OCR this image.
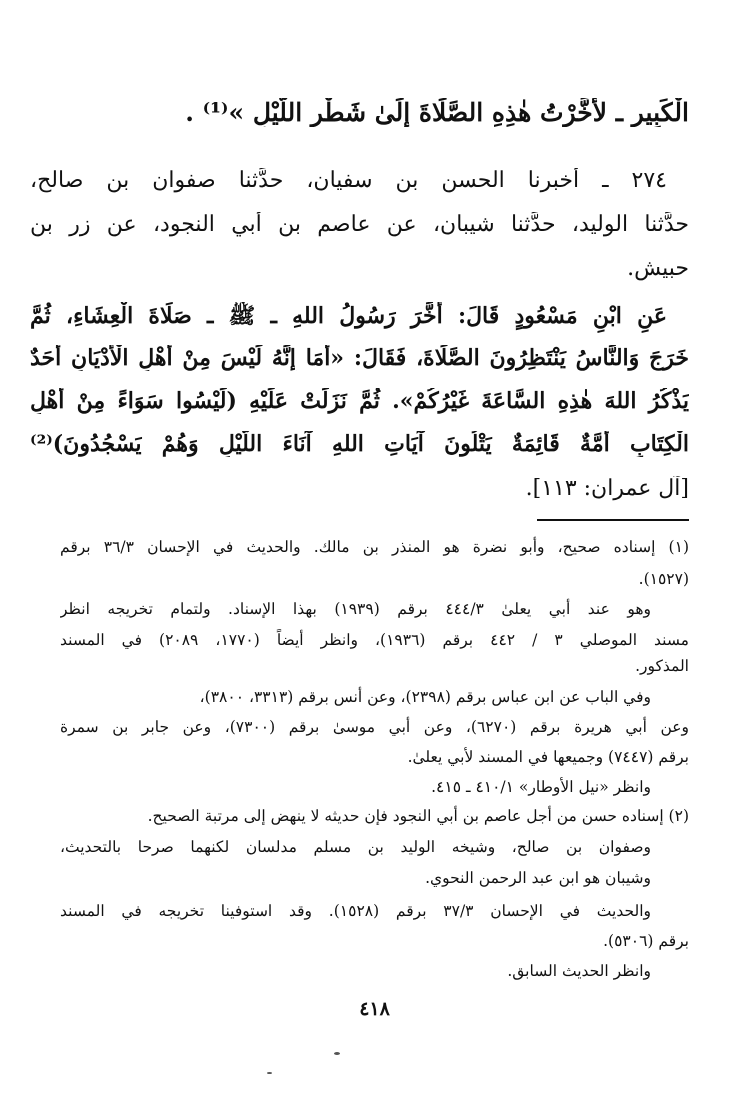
الْكَبِيرِ ـ لأَخَّرْتُ هٰذِهِ الصَّلَاةَ إِلَىٰ شَطْرِ اللَّيْلِ »⁽¹⁾ .
٢٧٤ ـ أخبرنا الحسن بن سفيان، حدَّثنا صفوان بن صالح،
حدَّثنا الوليد، حدَّثنا شيبان، عن عاصم بن أبي النجود، عن زر بن
حبيش.
عَنِ ابْنِ مَسْعُودٍ قَالَ: أَخَّرَ رَسُولُ اللهِ ـ ﷺ ـ صَلَاةَ الْعِشَاءِ، ثُمَّ
خَرَجَ وَالنَّاسُ يَنْتَظِرُونَ الصَّلَاةَ، فَقَالَ: «أَمَا إِنَّهُ لَيْسَ مِنْ أَهْلِ الْأَدْيَانِ أَحَدٌ
يَذْكُرُ اللهَ هٰذِهِ السَّاعَةَ غَيْرُكُمْ». ثُمَّ نَزَلَتْ عَلَيْهِ (لَيْسُوا سَوَاءً مِنْ أَهْلِ
الْكِتَابِ أُمَّةٌ قَائِمَةٌ يَتْلُونَ آيَاتِ اللهِ آنَاءَ اللَّيْلِ وَهُمْ يَسْجُدُونَ)⁽²⁾
[آل عمران: ١١٣].
(١) إسناده صحيح، وأبو نضرة هو المنذر بن مالك. والحديث في الإحسان ٣٦/٣ برقم
(١٥٢٧).
وهو عند أبي يعلىٰ ٤٤٤/٣ برقم (١٩٣٩) بهذا الإسناد. ولتمام تخريجه انظر
مسند الموصلي ٣ / ٤٤٢ برقم (١٩٣٦)، وانظر أيضاً (١٧٧٠، ٢٠٨٩) في المسند
المذكور.
وفي الباب عن ابن عباس برقم (٢٣٩٨)، وعن أنس برقم (٣٣١٣، ٣٨٠٠)،
وعن أبي هريرة برقم (٦٢٧٠)، وعن أبي موسىٰ برقم (٧٣٠٠)، وعن جابر بن سمرة
برقم (٧٤٤٧) وجميعها في المسند لأبي يعلىٰ.
وانظر «نيل الأوطار» ٤١٠/١ ـ ٤١٥.
(٢) إسناده حسن من أجل عاصم بن أبي النجود فإن حديثه لا ينهض إلى مرتبة الصحيح.
وصفوان بن صالح، وشيخه الوليد بن مسلم مدلسان لكنهما صرحا بالتحديث،
وشيبان هو ابن عبد الرحمن النحوي.
والحديث في الإحسان ٣٧/٣ برقم (١٥٢٨). وقد استوفينا تخريجه في المسند
برقم (٥٣٠٦).
وانظر الحديث السابق.
٤١٨
